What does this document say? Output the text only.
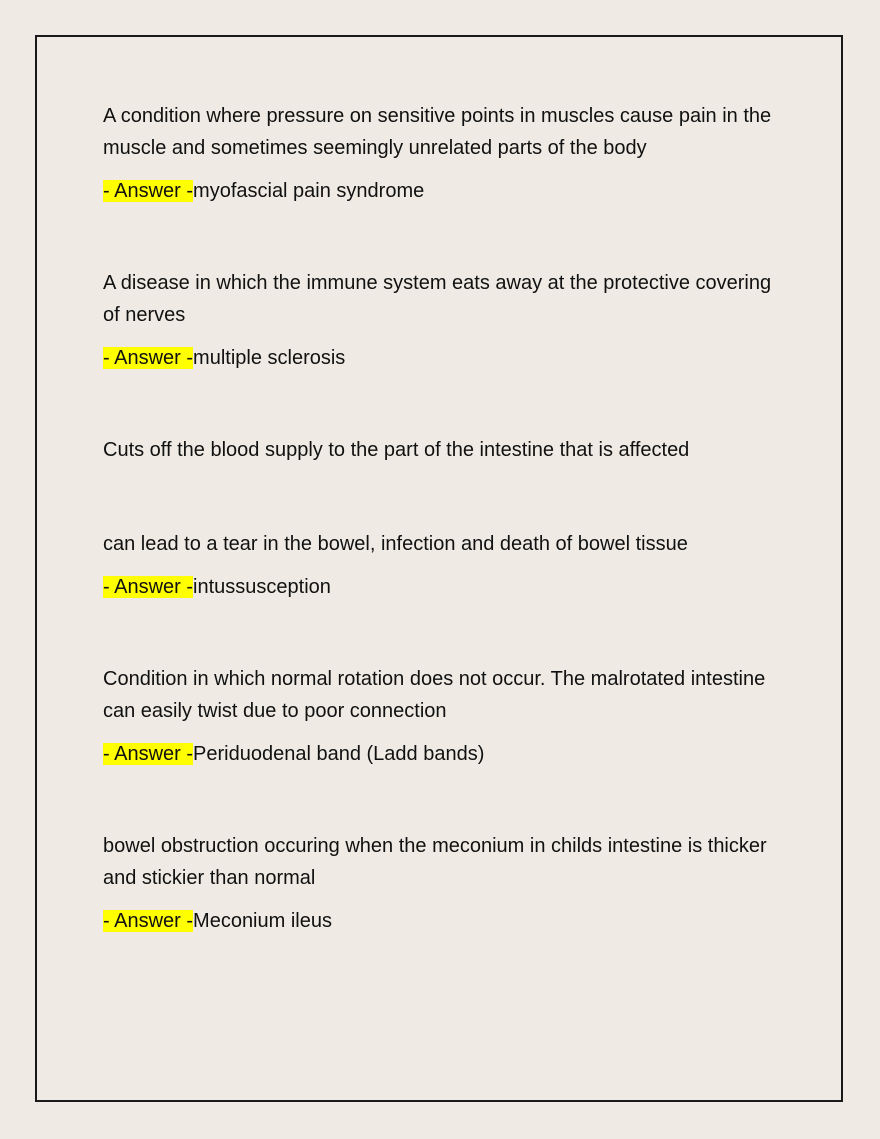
A condition where pressure on sensitive points in muscles cause pain in the muscle and sometimes seemingly unrelated parts of the body

- Answer -myofascial pain syndrome

A disease in which the immune system eats away at the protective covering of nerves

- Answer -multiple sclerosis

Cuts off the blood supply to the part of the intestine that is affected

can lead to a tear in the bowel, infection and death of bowel tissue

- Answer -intussusception

Condition in which normal rotation does not occur. The malrotated intestine can easily twist due to poor connection

- Answer -Periduodenal band (Ladd bands)

bowel obstruction occuring when the meconium in childs intestine is thicker and stickier than normal

- Answer -Meconium ileus
